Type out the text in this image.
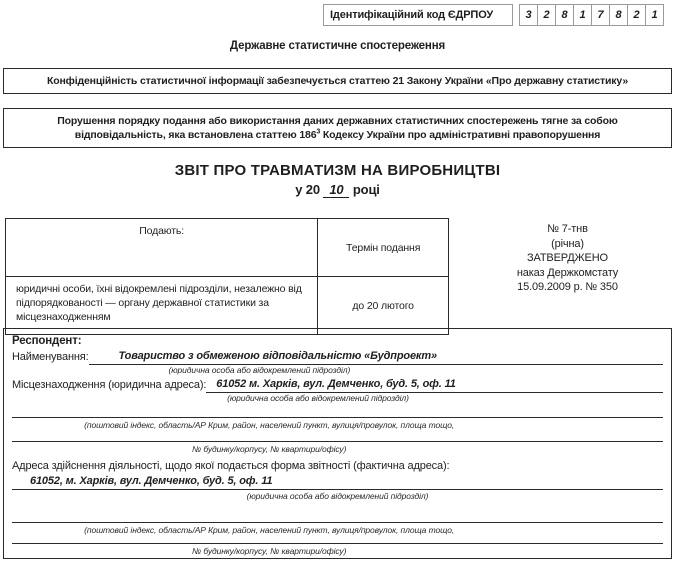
Ідентифікаційний код ЄДРПОУ	3	2	8	1	7	8	2	1
Державне статистичне спостереження
Конфіденційність статистичної інформації забезпечується статтею 21 Закону України «Про державну статистику»
Порушення порядку подання або використання даних державних статистичних спостережень тягне за собою відповідальність, яка встановлена статтею $186^3$ Кодексу України про адміністративні правопорушення
ЗВІТ ПРО ТРАВМАТИЗМ НА ВИРОБНИЦТВІ
у 20 10 році
Подають:	Термін подання
юридичні особи, їхні відокремлені підрозділи, незалежно від підпорядкованості — органу державної статистики за місцезнаходженням	до 20 лютого
№ 7-тнв
(річна)
ЗАТВЕРДЖЕНО
наказ Держкомстату
15.09.2009 р. № 350
Респондент:
Найменування:	Товариство з обмеженою відповідальністю «Будпроект»
(юридична особа або відокремлений підрозділ)
Місцезнаходження (юридична адреса): 61052 м. Харків, вул. Демченко, буд. 5, оф. 11
(юридична особа або відокремлений підрозділ)
(поштовий індекс, область/АР Крим, район, населений пункт, вулиця/провулок, площа тощо,
№ будинку/корпусу, № квартири/офісу)
Адреса здійснення діяльності, щодо якої подається форма звітності (фактична адреса):
61052, м. Харків, вул. Демченко, буд. 5, оф. 11
(юридична особа або відокремлений підрозділ)
(поштовий індекс, область/АР Крим, район, населений пункт, вулиця/провулок, площа тощо,
№ будинку/корпусу, № квартири/офісу)
